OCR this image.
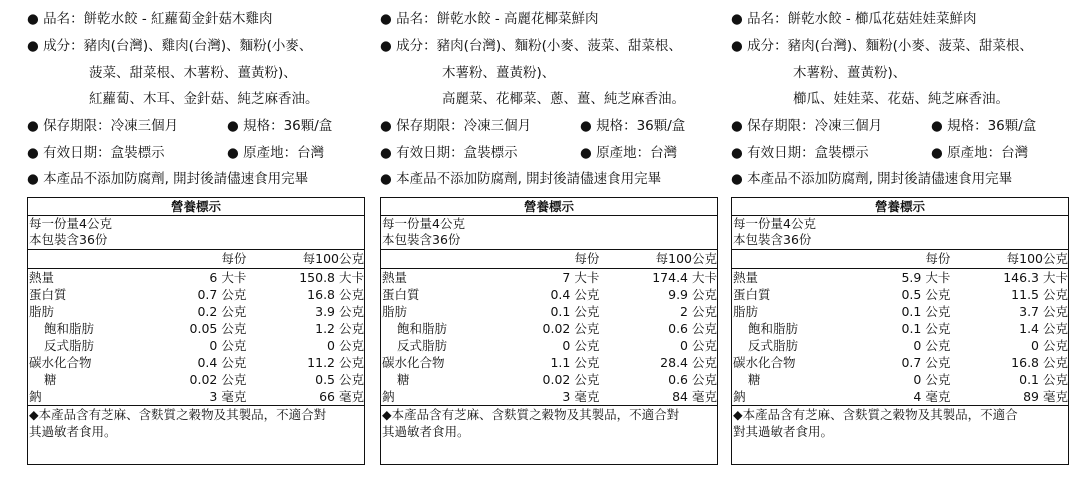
● 品名：餅乾水餃 - 紅蘿蔔金針菇木雞肉
● 成分：豬肉(台灣)、雞肉(台灣)、麵粉(小麥、
菠菜、甜菜根、木薯粉、薑黃粉)、
紅蘿蔔、木耳、金針菇、純芝麻香油。
● 保存期限：冷凍三個月	● 規格：36顆/盒
● 有效日期：盒裝標示	● 原產地：台灣
● 本產品不添加防腐劑, 開封後請儘速食用完畢
營養標示
每一份量4公克
本包裝含36份
每份	每100公克
熱量	6 大卡	150.8 大卡
蛋白質	0.7 公克	16.8 公克
脂肪	0.2 公克	3.9 公克
飽和脂肪	0.05 公克	1.2 公克
反式脂肪	0 公克	0 公克
碳水化合物	0.4 公克	11.2 公克
糖	0.02 公克	0.5 公克
鈉	3 毫克	66 毫克
◆本產品含有芝麻、含麩質之穀物及其製品，不適合對
其過敏者食用。
● 品名：餅乾水餃 - 高麗花椰菜鮮肉
● 成分：豬肉(台灣)、麵粉(小麥、菠菜、甜菜根、
木薯粉、薑黃粉)、
高麗菜、花椰菜、蔥、薑、純芝麻香油。
● 保存期限：冷凍三個月	● 規格：36顆/盒
● 有效日期：盒裝標示	● 原產地：台灣
● 本產品不添加防腐劑, 開封後請儘速食用完畢
營養標示
每一份量4公克
本包裝含36份
每份	每100公克
熱量	7 大卡	174.4 大卡
蛋白質	0.4 公克	9.9 公克
脂肪	0.1 公克	2 公克
飽和脂肪	0.02 公克	0.6 公克
反式脂肪	0 公克	0 公克
碳水化合物	1.1 公克	28.4 公克
糖	0.02 公克	0.6 公克
鈉	3 毫克	84 毫克
◆本產品含有芝麻、含麩質之穀物及其製品，不適合對
其過敏者食用。
● 品名：餅乾水餃 - 櫛瓜花菇娃娃菜鮮肉
● 成分：豬肉(台灣)、麵粉(小麥、菠菜、甜菜根、
木薯粉、薑黃粉)、
櫛瓜、娃娃菜、花菇、純芝麻香油。
● 保存期限：冷凍三個月	● 規格：36顆/盒
● 有效日期：盒裝標示	● 原產地：台灣
● 本產品不添加防腐劑, 開封後請儘速食用完畢
營養標示
每一份量4公克
本包裝含36份
每份	每100公克
熱量	5.9 大卡	146.3 大卡
蛋白質	0.5 公克	11.5 公克
脂肪	0.1 公克	3.7 公克
飽和脂肪	0.1 公克	1.4 公克
反式脂肪	0 公克	0 公克
碳水化合物	0.7 公克	16.8 公克
糖	0 公克	0.1 公克
鈉	4 毫克	89 毫克
◆本產品含有芝麻、含麩質之穀物及其製品，不適合
對其過敏者食用。
